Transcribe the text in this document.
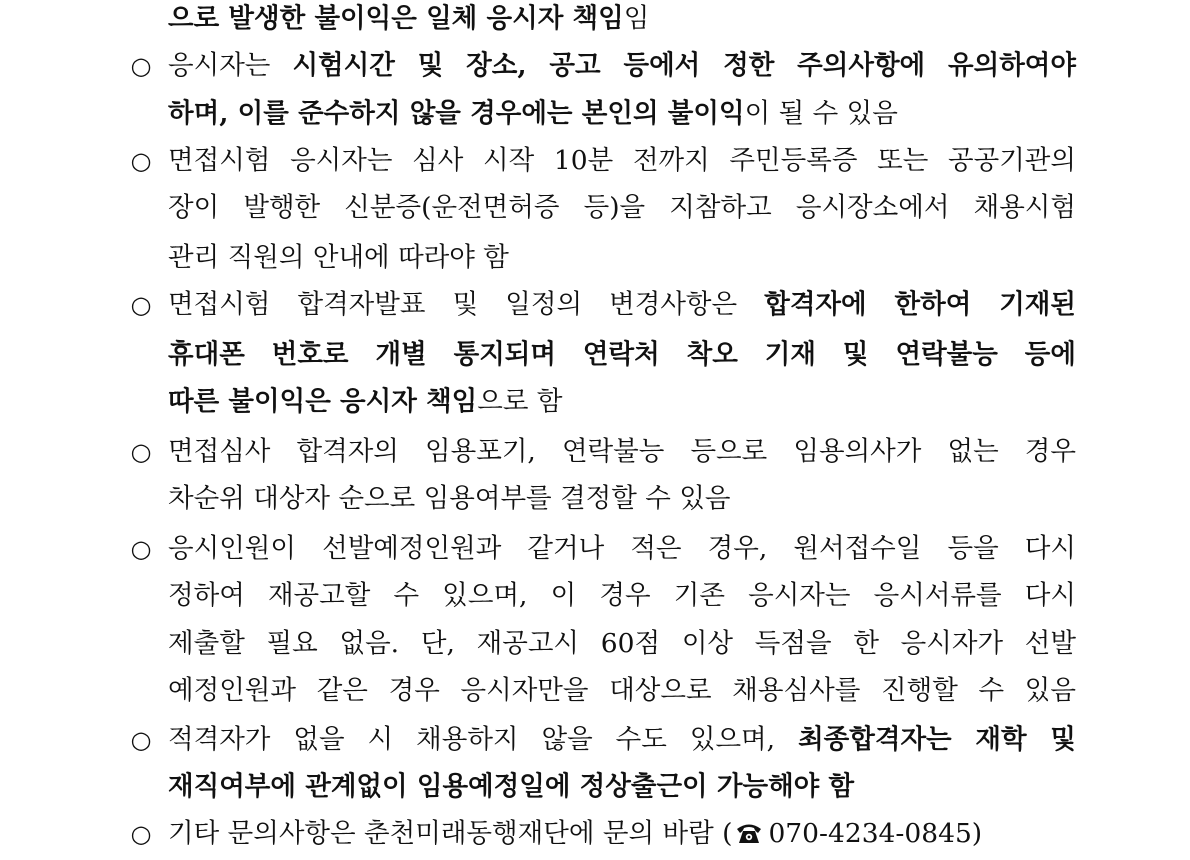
으로 발생한 불이익은 일체 응시자 책임임
○ 응시자는 시험시간 및 장소, 공고 등에서 정한 주의사항에 유의하여야
하며, 이를 준수하지 않을 경우에는 본인의 불이익이 될 수 있음
○ 면접시험 응시자는 심사 시작 10분 전까지 주민등록증 또는 공공기관의
장이 발행한 신분증(운전면허증 등)을 지참하고 응시장소에서 채용시험
관리 직원의 안내에 따라야 함
○ 면접시험 합격자발표 및 일정의 변경사항은 합격자에 한하여 기재된
휴대폰 번호로 개별 통지되며 연락처 착오 기재 및 연락불능 등에
따른 불이익은 응시자 책임으로 함
○ 면접심사 합격자의 임용포기, 연락불능 등으로 임용의사가 없는 경우
차순위 대상자 순으로 임용여부를 결정할 수 있음
○ 응시인원이 선발예정인원과 같거나 적은 경우, 원서접수일 등을 다시
정하여 재공고할 수 있으며, 이 경우 기존 응시자는 응시서류를 다시
제출할 필요 없음. 단, 재공고시 60점 이상 득점을 한 응시자가 선발
예정인원과 같은 경우 응시자만을 대상으로 채용심사를 진행할 수 있음
○ 적격자가 없을 시 채용하지 않을 수도 있으며, 최종합격자는 재학 및
재직여부에 관계없이 임용예정일에 정상출근이 가능해야 함
○ 기타 문의사항은 춘천미래동행재단에 문의 바람 ( 070-4234-0845)
